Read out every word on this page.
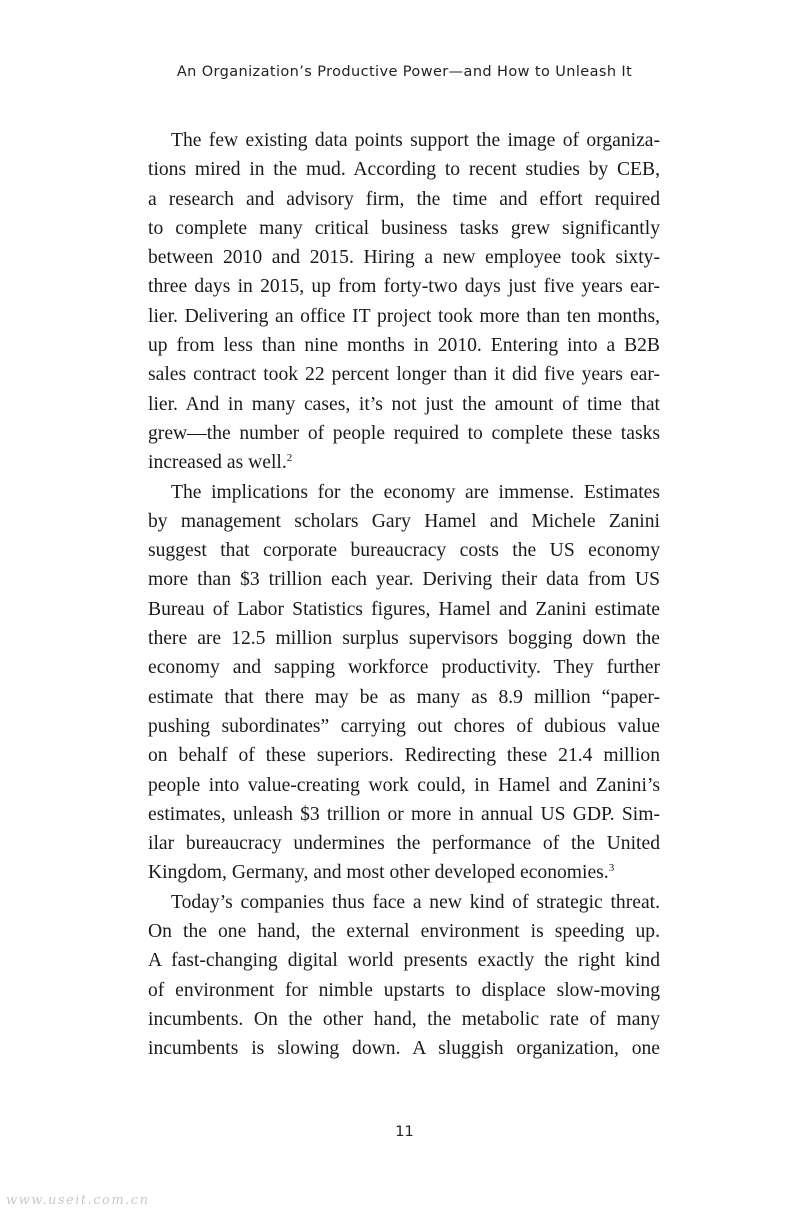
An Organization’s Productive Power—and How to Unleash It
The few existing data points support the image of organiza-
tions mired in the mud. According to recent studies by CEB,
a research and advisory firm, the time and effort required
to complete many critical business tasks grew significantly
between 2010 and 2015. Hiring a new employee took sixty-
three days in 2015, up from forty-two days just five years ear-
lier. Delivering an office IT project took more than ten months,
up from less than nine months in 2010. Entering into a B2B
sales contract took 22 percent longer than it did five years ear-
lier. And in many cases, it’s not just the amount of time that
grew—the number of people required to complete these tasks
increased as well.$^2$
The implications for the economy are immense. Estimates
by management scholars Gary Hamel and Michele Zanini
suggest that corporate bureaucracy costs the US economy
more than $3 trillion each year. Deriving their data from US
Bureau of Labor Statistics figures, Hamel and Zanini estimate
there are 12.5 million surplus supervisors bogging down the
economy and sapping workforce productivity. They further
estimate that there may be as many as 8.9 million “paper-
pushing subordinates” carrying out chores of dubious value
on behalf of these superiors. Redirecting these 21.4 million
people into value-creating work could, in Hamel and Zanini’s
estimates, unleash $3 trillion or more in annual US GDP. Sim-
ilar bureaucracy undermines the performance of the United
Kingdom, Germany, and most other developed economies.$^3$
Today’s companies thus face a new kind of strategic threat.
On the one hand, the external environment is speeding up.
A fast-changing digital world presents exactly the right kind
of environment for nimble upstarts to displace slow-moving
incumbents. On the other hand, the metabolic rate of many
incumbents is slowing down. A sluggish organization, one
11
www.useit.com.cn
